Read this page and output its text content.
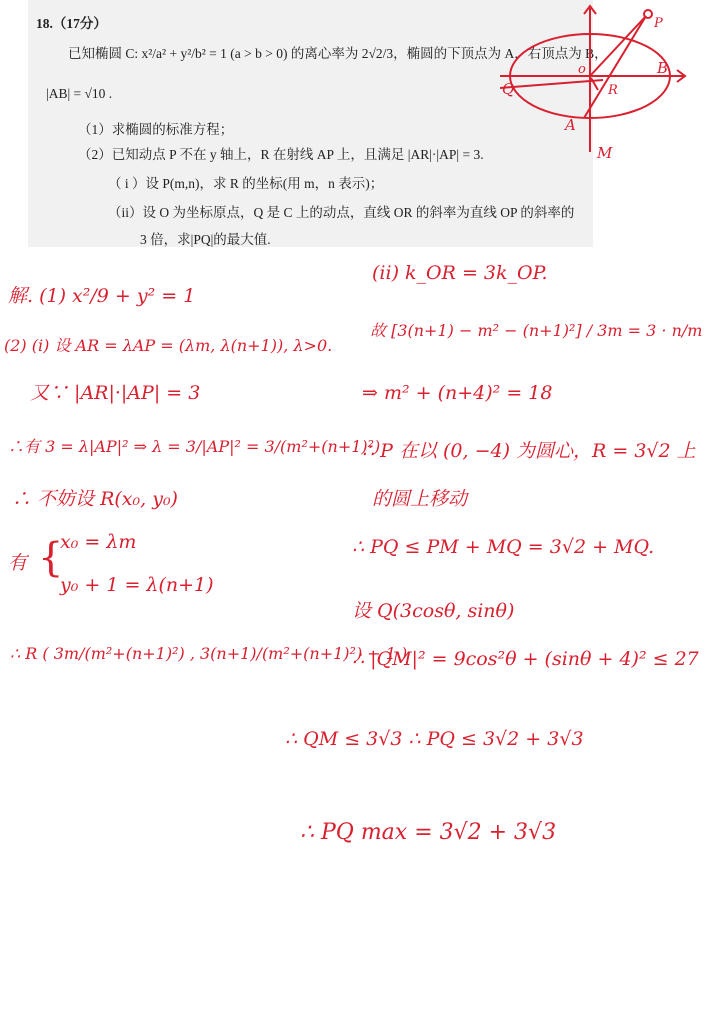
18.（17分）
已知椭圆 C: x²/a² + y²/b² = 1 (a > b > 0) 的离心率为 2√2/3，椭圆的下顶点为 A，右顶点为 B，
|AB| = √10 .
（1）求椭圆的标准方程；
（2）已知动点 P 不在 y 轴上，R 在射线 AP 上，且满足 |AR|·|AP| = 3.
（ i ）设 P(m,n)，求 R 的坐标(用 m，n 表示)；
（ii）设 O 为坐标原点，Q 是 C 上的动点，直线 OR 的斜率为直线 OP 的斜率的
3 倍，求|PQ|的最大值.
o	B
Q	R
A
M
P
解. (1) x²/9 + y² = 1
(2) (i) 设 AR = λAP = (λm, λ(n+1)), λ>0.
又∵ |AR|·|AP| = 3
∴有 3 = λ|AP|² ⇒ λ = 3/|AP|² = 3/(m²+(n+1)²)
∴ 不妨设 R(x₀, y₀)
有 {
x₀ = λm
y₀ + 1 = λ(n+1)
∴ R ( 3m/(m²+(n+1)²) , 3(n+1)/(m²+(n+1)²) − 1 )
∴ QM ≤ 3√3 ∴ PQ ≤ 3√2 + 3√3
∴ PQ max = 3√2 + 3√3
(ii) k_OR = 3k_OP.
故 [3(n+1) − m² − (n+1)²] / 3m = 3 · n/m
⇒ m² + (n+4)² = 18
∴ P 在以 (0, −4) 为圆心，R = 3√2 上
的圆上移动
∴ PQ ≤ PM + MQ = 3√2 + MQ.
设 Q(3cosθ, sinθ)
∴ |QM|² = 9cos²θ + (sinθ + 4)² ≤ 27
